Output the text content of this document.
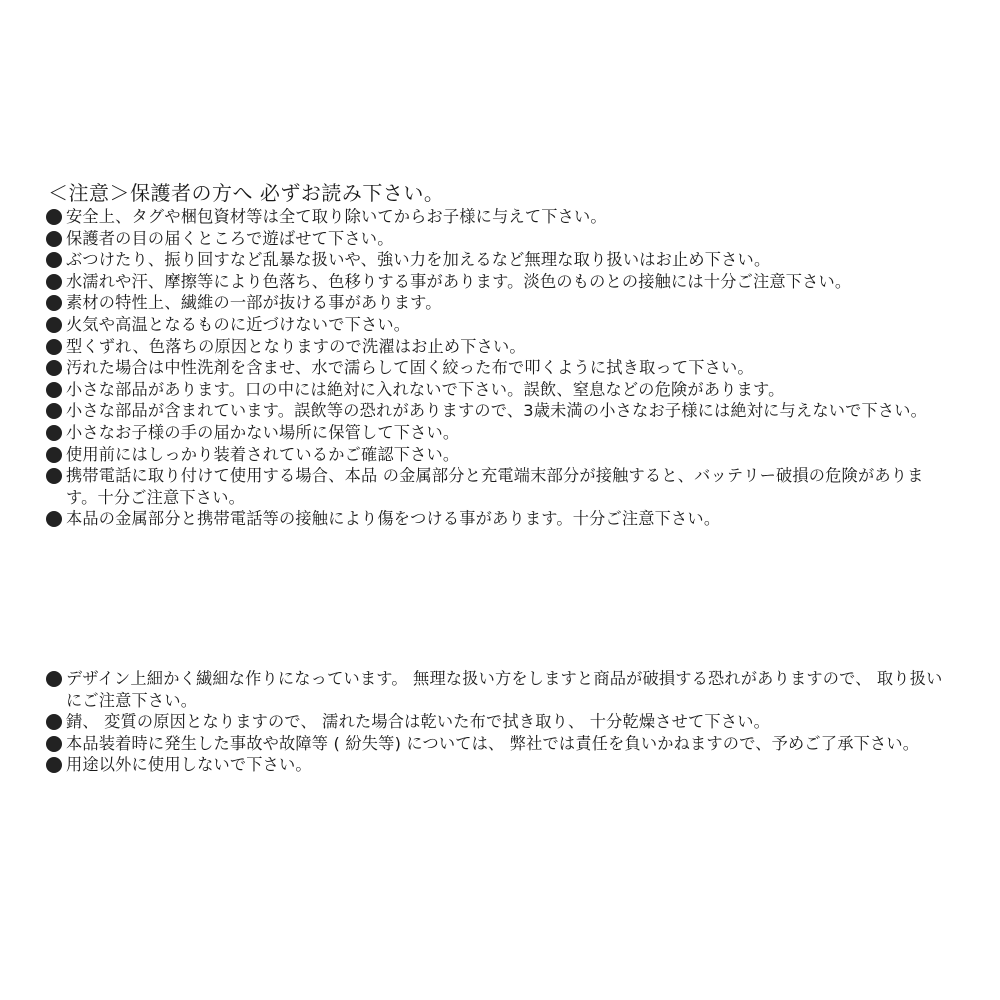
＜注意＞保護者の方へ 必ずお読み下さい。
安全上、タグや梱包資材等は全て取り除いてからお子様に与えて下さい。
保護者の目の届くところで遊ばせて下さい。
ぶつけたり、振り回すなど乱暴な扱いや、強い力を加えるなど無理な取り扱いはお止め下さい。
水濡れや汗、摩擦等により色落ち、色移りする事があります。淡色のものとの接触には十分ご注意下さい。
素材の特性上、繊維の一部が抜ける事があります。
火気や高温となるものに近づけないで下さい。
型くずれ、色落ちの原因となりますので洗濯はお止め下さい。
汚れた場合は中性洗剤を含ませ、水で濡らして固く絞った布で叩くように拭き取って下さい。
小さな部品があります。口の中には絶対に入れないで下さい。誤飲、窒息などの危険があります。
小さな部品が含まれています。誤飲等の恐れがありますので、3歳未満の小さなお子様には絶対に与えないで下さい。
小さなお子様の手の届かない場所に保管して下さい。
使用前にはしっかり装着されているかご確認下さい。
携帯電話に取り付けて使用する場合、本品 の金属部分と充電端末部分が接触すると、バッテリー破損の危険があります。十分ご注意下さい。
本品の金属部分と携帯電話等の接触により傷をつける事があります。十分ご注意下さい。
デザイン上細かく繊細な作りになっています。 無理な扱い方をしますと商品が破損する恐れがありますので、 取り扱いにご注意下さい。
錆、 変質の原因となりますので、 濡れた場合は乾いた布で拭き取り、 十分乾燥させて下さい。
本品装着時に発生した事故や故障等 ( 紛失等) については、 弊社では責任を負いかねますので、予めご了承下さい。
用途以外に使用しないで下さい。
